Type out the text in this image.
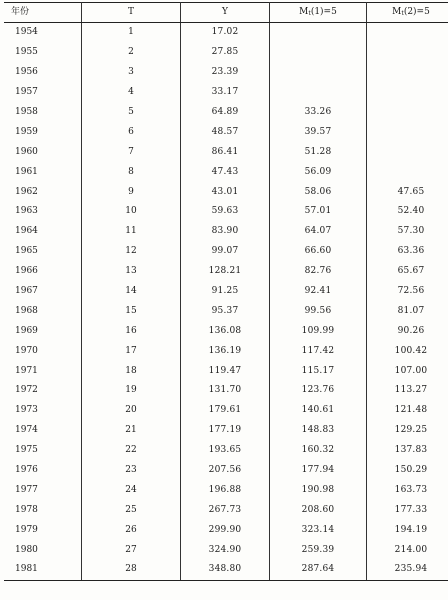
年份	T	Y	$M_t(1)=5$	$M_t(2)=5$
1954	1	17.02		
1955	2	27.85		
1956	3	23.39		
1957	4	33.17		
1958	5	64.89	33.26	
1959	6	48.57	39.57	
1960	7	86.41	51.28	
1961	8	47.43	56.09	
1962	9	43.01	58.06	47.65
1963	10	59.63	57.01	52.40
1964	11	83.90	64.07	57.30
1965	12	99.07	66.60	63.36
1966	13	128.21	82.76	65.67
1967	14	91.25	92.41	72.56
1968	15	95.37	99.56	81.07
1969	16	136.08	109.99	90.26
1970	17	136.19	117.42	100.42
1971	18	119.47	115.17	107.00
1972	19	131.70	123.76	113.27
1973	20	179.61	140.61	121.48
1974	21	177.19	148.83	129.25
1975	22	193.65	160.32	137.83
1976	23	207.56	177.94	150.29
1977	24	196.88	190.98	163.73
1978	25	267.73	208.60	177.33
1979	26	299.90	323.14	194.19
1980	27	324.90	259.39	214.00
1981	28	348.80	287.64	235.94
